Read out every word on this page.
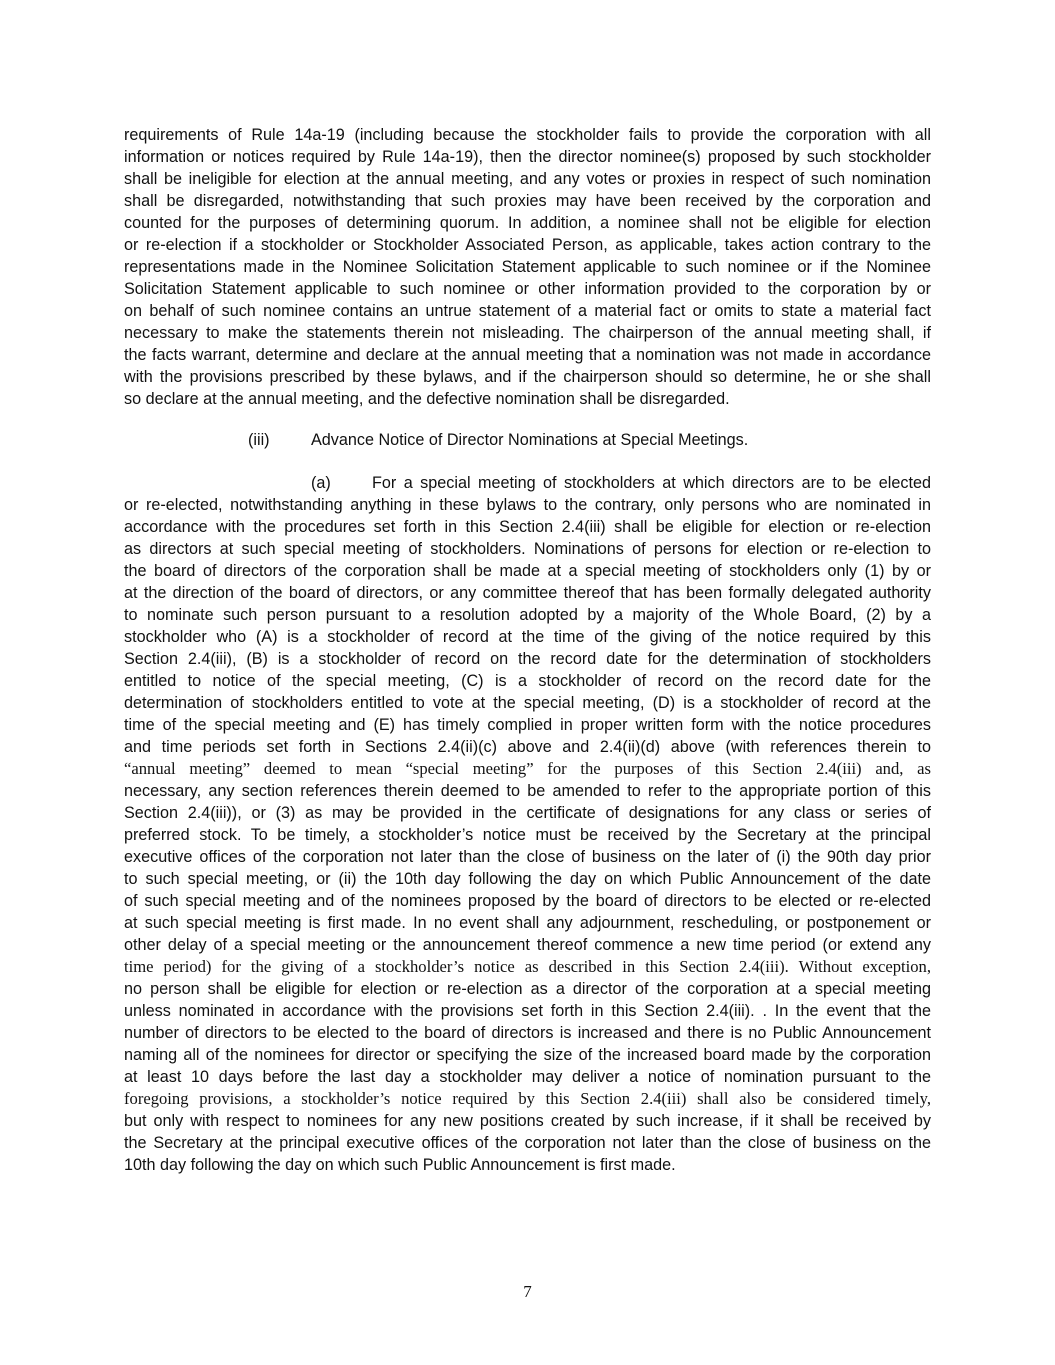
requirements of Rule 14a-19 (including because the stockholder fails to provide the corporation with all
information or notices required by Rule 14a-19), then the director nominee(s) proposed by such stockholder
shall be ineligible for election at the annual meeting, and any votes or proxies in respect of such nomination
shall be disregarded, notwithstanding that such proxies may have been received by the corporation and
counted for the purposes of determining quorum. In addition, a nominee shall not be eligible for election
or re-election if a stockholder or Stockholder Associated Person, as applicable, takes action contrary to the
representations made in the Nominee Solicitation Statement applicable to such nominee or if the Nominee
Solicitation Statement applicable to such nominee or other information provided to the corporation by or
on behalf of such nominee contains an untrue statement of a material fact or omits to state a material fact
necessary to make the statements therein not misleading. The chairperson of the annual meeting shall, if
the facts warrant, determine and declare at the annual meeting that a nomination was not made in accordance
with the provisions prescribed by these bylaws, and if the chairperson should so determine, he or she shall
so declare at the annual meeting, and the defective nomination shall be disregarded.
(iii)	Advance Notice of Director Nominations at Special Meetings.
(a)	For a special meeting of stockholders at which directors are to be elected
or re-elected, notwithstanding anything in these bylaws to the contrary, only persons who are nominated in
accordance with the procedures set forth in this Section 2.4(iii) shall be eligible for election or re-election
as directors at such special meeting of stockholders. Nominations of persons for election or re-election to
the board of directors of the corporation shall be made at a special meeting of stockholders only (1) by or
at the direction of the board of directors, or any committee thereof that has been formally delegated authority
to nominate such person pursuant to a resolution adopted by a majority of the Whole Board, (2) by a
stockholder who (A) is a stockholder of record at the time of the giving of the notice required by this
Section 2.4(iii), (B) is a stockholder of record on the record date for the determination of stockholders
entitled to notice of the special meeting, (C) is a stockholder of record on the record date for the
determination of stockholders entitled to vote at the special meeting, (D) is a stockholder of record at the
time of the special meeting and (E) has timely complied in proper written form with the notice procedures
and time periods set forth in Sections 2.4(ii)(c) above and 2.4(ii)(d) above (with references therein to
“annual meeting” deemed to mean “special meeting” for the purposes of this Section 2.4(iii) and, as
necessary, any section references therein deemed to be amended to refer to the appropriate portion of this
Section 2.4(iii)), or (3) as may be provided in the certificate of designations for any class or series of
preferred stock. To be timely, a stockholder’s notice must be received by the Secretary at the principal
executive offices of the corporation not later than the close of business on the later of (i) the 90th day prior
to such special meeting, or (ii) the 10th day following the day on which Public Announcement of the date
of such special meeting and of the nominees proposed by the board of directors to be elected or re-elected
at such special meeting is first made. In no event shall any adjournment, rescheduling, or postponement or
other delay of a special meeting or the announcement thereof commence a new time period (or extend any
time period) for the giving of a stockholder’s notice as described in this Section 2.4(iii). Without exception,
no person shall be eligible for election or re-election as a director of the corporation at a special meeting
unless nominated in accordance with the provisions set forth in this Section 2.4(iii). . In the event that the
number of directors to be elected to the board of directors is increased and there is no Public Announcement
naming all of the nominees for director or specifying the size of the increased board made by the corporation
at least 10 days before the last day a stockholder may deliver a notice of nomination pursuant to the
foregoing provisions, a stockholder’s notice required by this Section 2.4(iii) shall also be considered timely,
but only with respect to nominees for any new positions created by such increase, if it shall be received by
the Secretary at the principal executive offices of the corporation not later than the close of business on the
10th day following the day on which such Public Announcement is first made.
7
